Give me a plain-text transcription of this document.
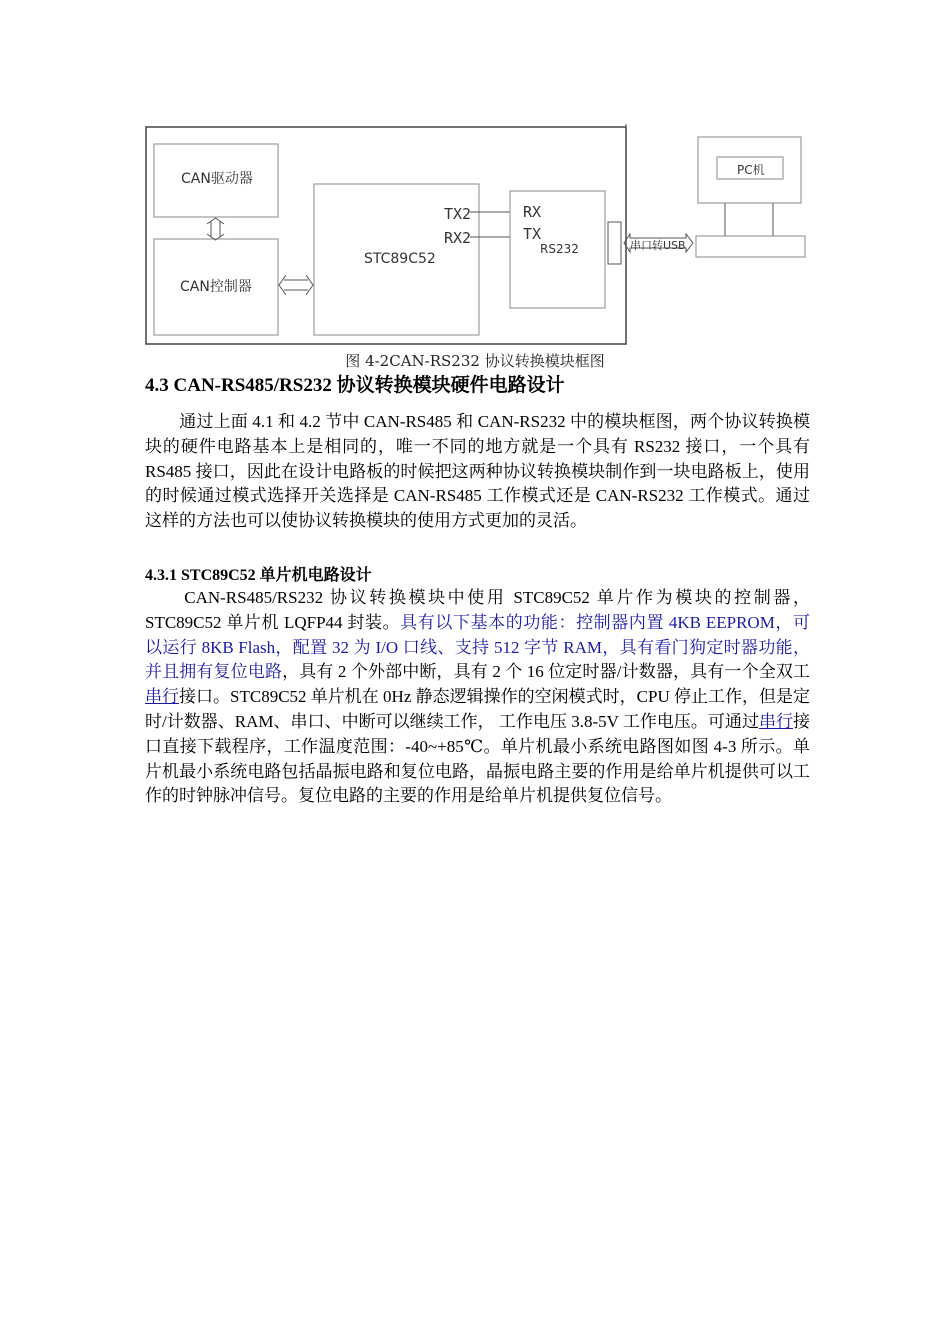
CAN驱动器
CAN控制器
STC89C52
TX2
RX2
RX
TX
RS232	串口转USB
PC机
图 4-2CAN-RS232 协议转换模块框图
4.3 CAN-RS485/RS232 协议转换模块硬件电路设计

　　通过上面 4.1 和 4.2 节中 CAN-RS485 和 CAN-RS232 中的模块框图，两个协议转换模块的硬件电路基本上是相同的，唯一不同的地方就是一个具有 RS232 接口，一个具有 RS485 接口，因此在设计电路板的时候把这两种协议转换模块制作到一块电路板上，使用的时候通过模式选择开关选择是 CAN-RS485 工作模式还是 CAN-RS232 工作模式。通过这样的方法也可以使协议转换模块的使用方式更加的灵活。

4.3.1 STC89C52 单片机电路设计

　　CAN-RS485/RS232 协议转换模块中使用 STC89C52 单片作为模块的控制器，STC89C52 单片机 LQFP44 封装。具有以下基本的功能：控制器内置 4KB EEPROM，可以运行 8KB Flash，配置 32 为 I/O 口线、支持 512 字节 RAM，具有看门狗定时器功能，并且拥有复位电路，具有 2 个外部中断，具有 2 个 16 位定时器/计数器，具有一个全双工串行接口。STC89C52 单片机在 0Hz 静态逻辑操作的空闲模式时，CPU 停止工作，但是定时/计数器、RAM、串口、中断可以继续工作， 工作电压 3.8-5V 工作电压。可通过串行接口直接下载程序，工作温度范围：-40~+85℃。单片机最小系统电路图如图 4-3 所示。单片机最小系统电路包括晶振电路和复位电路，晶振电路主要的作用是给单片机提供可以工作的时钟脉冲信号。复位电路的主要的作用是给单片机提供复位信号。
